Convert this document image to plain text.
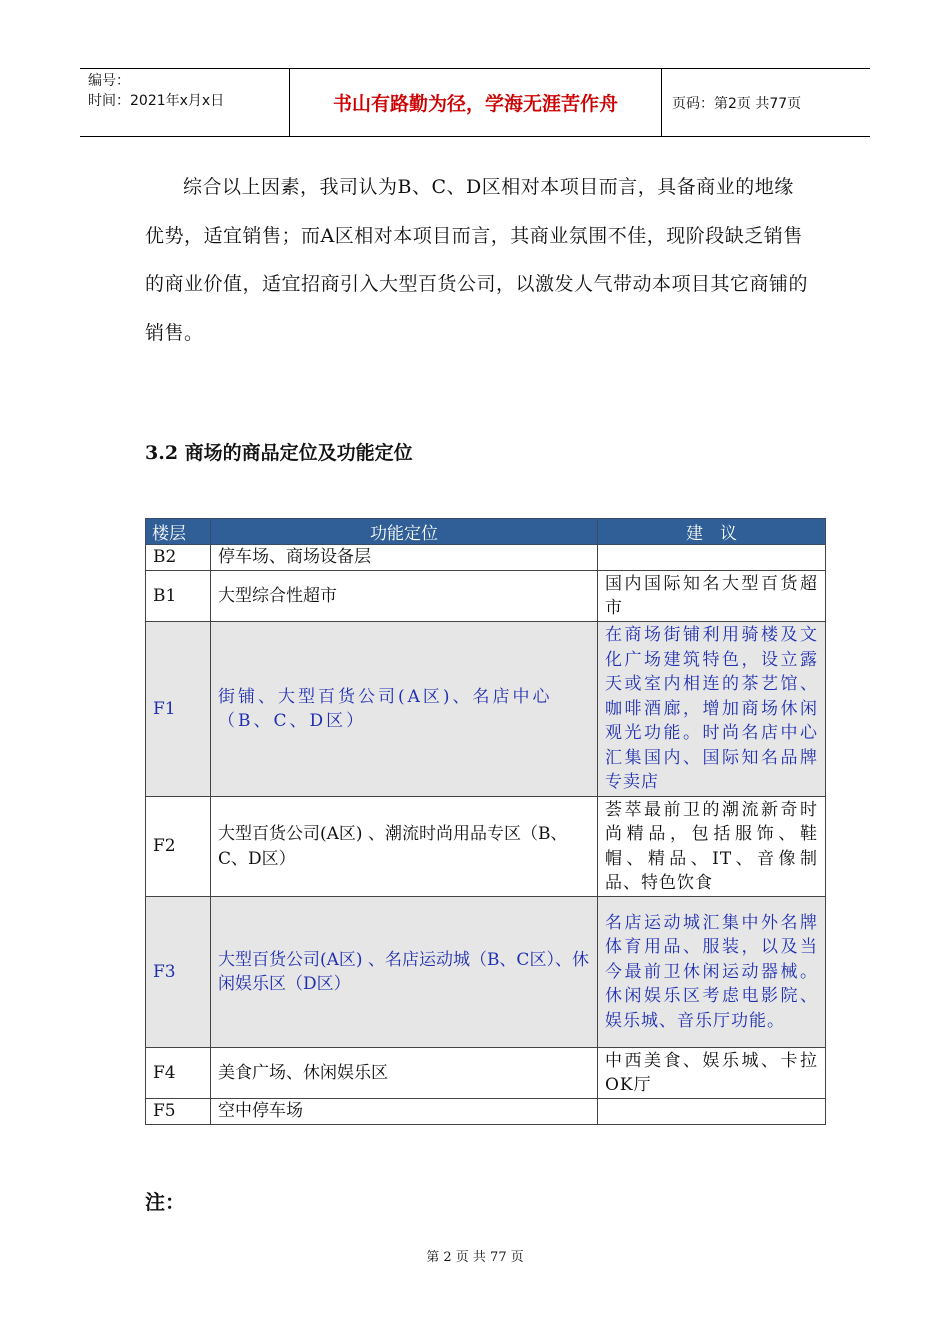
编号：
时间：2021年x月x日	书山有路勤为径，学海无涯苦作舟	页码：第2页 共77页
综合以上因素，我司认为B、C、D区相对本项目而言，具备商业的地缘优势，适宜销售；而A区相对本项目而言，其商业氛围不佳，现阶段缺乏销售的商业价值，适宜招商引入大型百货公司，以激发人气带动本项目其它商铺的销售。
3.2 商场的商品定位及功能定位
楼层	功能定位	建　议
B2	停车场、商场设备层	
B1	大型综合性超市	国内国际知名大型百货超市
F1	街铺、大型百货公司(A区)、名店中心（B、C、D区）	在商场街铺利用骑楼及文化广场建筑特色，设立露天或室内相连的茶艺馆、咖啡酒廊，增加商场休闲观光功能。时尚名店中心汇集国内、国际知名品牌专卖店
F2	大型百货公司(A区) 、潮流时尚用品专区（B、C、D区）	荟萃最前卫的潮流新奇时尚精品，包括服饰、鞋帽、精品、IT、音像制品、特色饮食
F3	大型百货公司(A区) 、名店运动城（B、C区）、休闲娱乐区（D区）	名店运动城汇集中外名牌体育用品、服装，以及当今最前卫休闲运动器械。休闲娱乐区考虑电影院、娱乐城、音乐厅功能。
F4	美食广场、休闲娱乐区	中西美食、娱乐城、卡拉OK厅
F5	空中停车场	
注：
第 2 页 共 77 页
